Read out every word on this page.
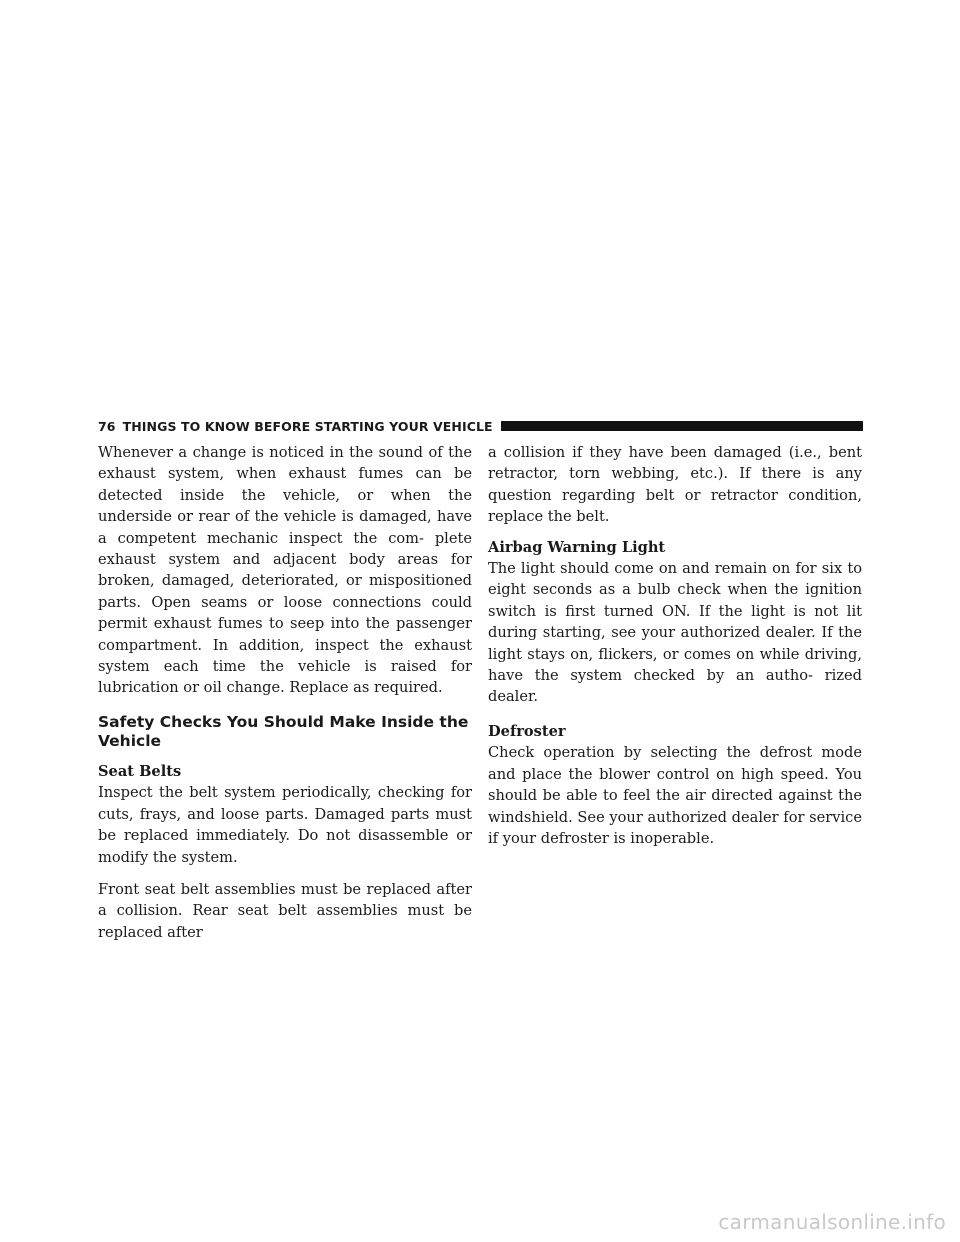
76 THINGS TO KNOW BEFORE STARTING YOUR VEHICLE

Whenever a change is noticed in the sound of the exhaust system, when exhaust fumes can be detected inside the vehicle, or when the underside or rear of the vehicle is damaged, have a competent mechanic inspect the com- plete exhaust system and adjacent body areas for broken, damaged, deteriorated, or mispositioned parts. Open seams or loose connections could permit exhaust fumes to seep into the passenger compartment. In addition, inspect the exhaust system each time the vehicle is raised for lubrication or oil change. Replace as required.

Safety Checks You Should Make Inside the Vehicle
Seat Belts

Inspect the belt system periodically, checking for cuts, frays, and loose parts. Damaged parts must be replaced immediately. Do not disassemble or modify the system.

Front seat belt assemblies must be replaced after a collision. Rear seat belt assemblies must be replaced after

a collision if they have been damaged (i.e., bent retractor, torn webbing, etc.). If there is any question regarding belt or retractor condition, replace the belt.

Airbag Warning Light

The light should come on and remain on for six to eight seconds as a bulb check when the ignition switch is first turned ON. If the light is not lit during starting, see your authorized dealer. If the light stays on, flickers, or comes on while driving, have the system checked by an autho- rized dealer.

Defroster

Check operation by selecting the defrost mode and place the blower control on high speed. You should be able to feel the air directed against the windshield. See your authorized dealer for service if your defroster is inoperable.

carmanualsonline.info
